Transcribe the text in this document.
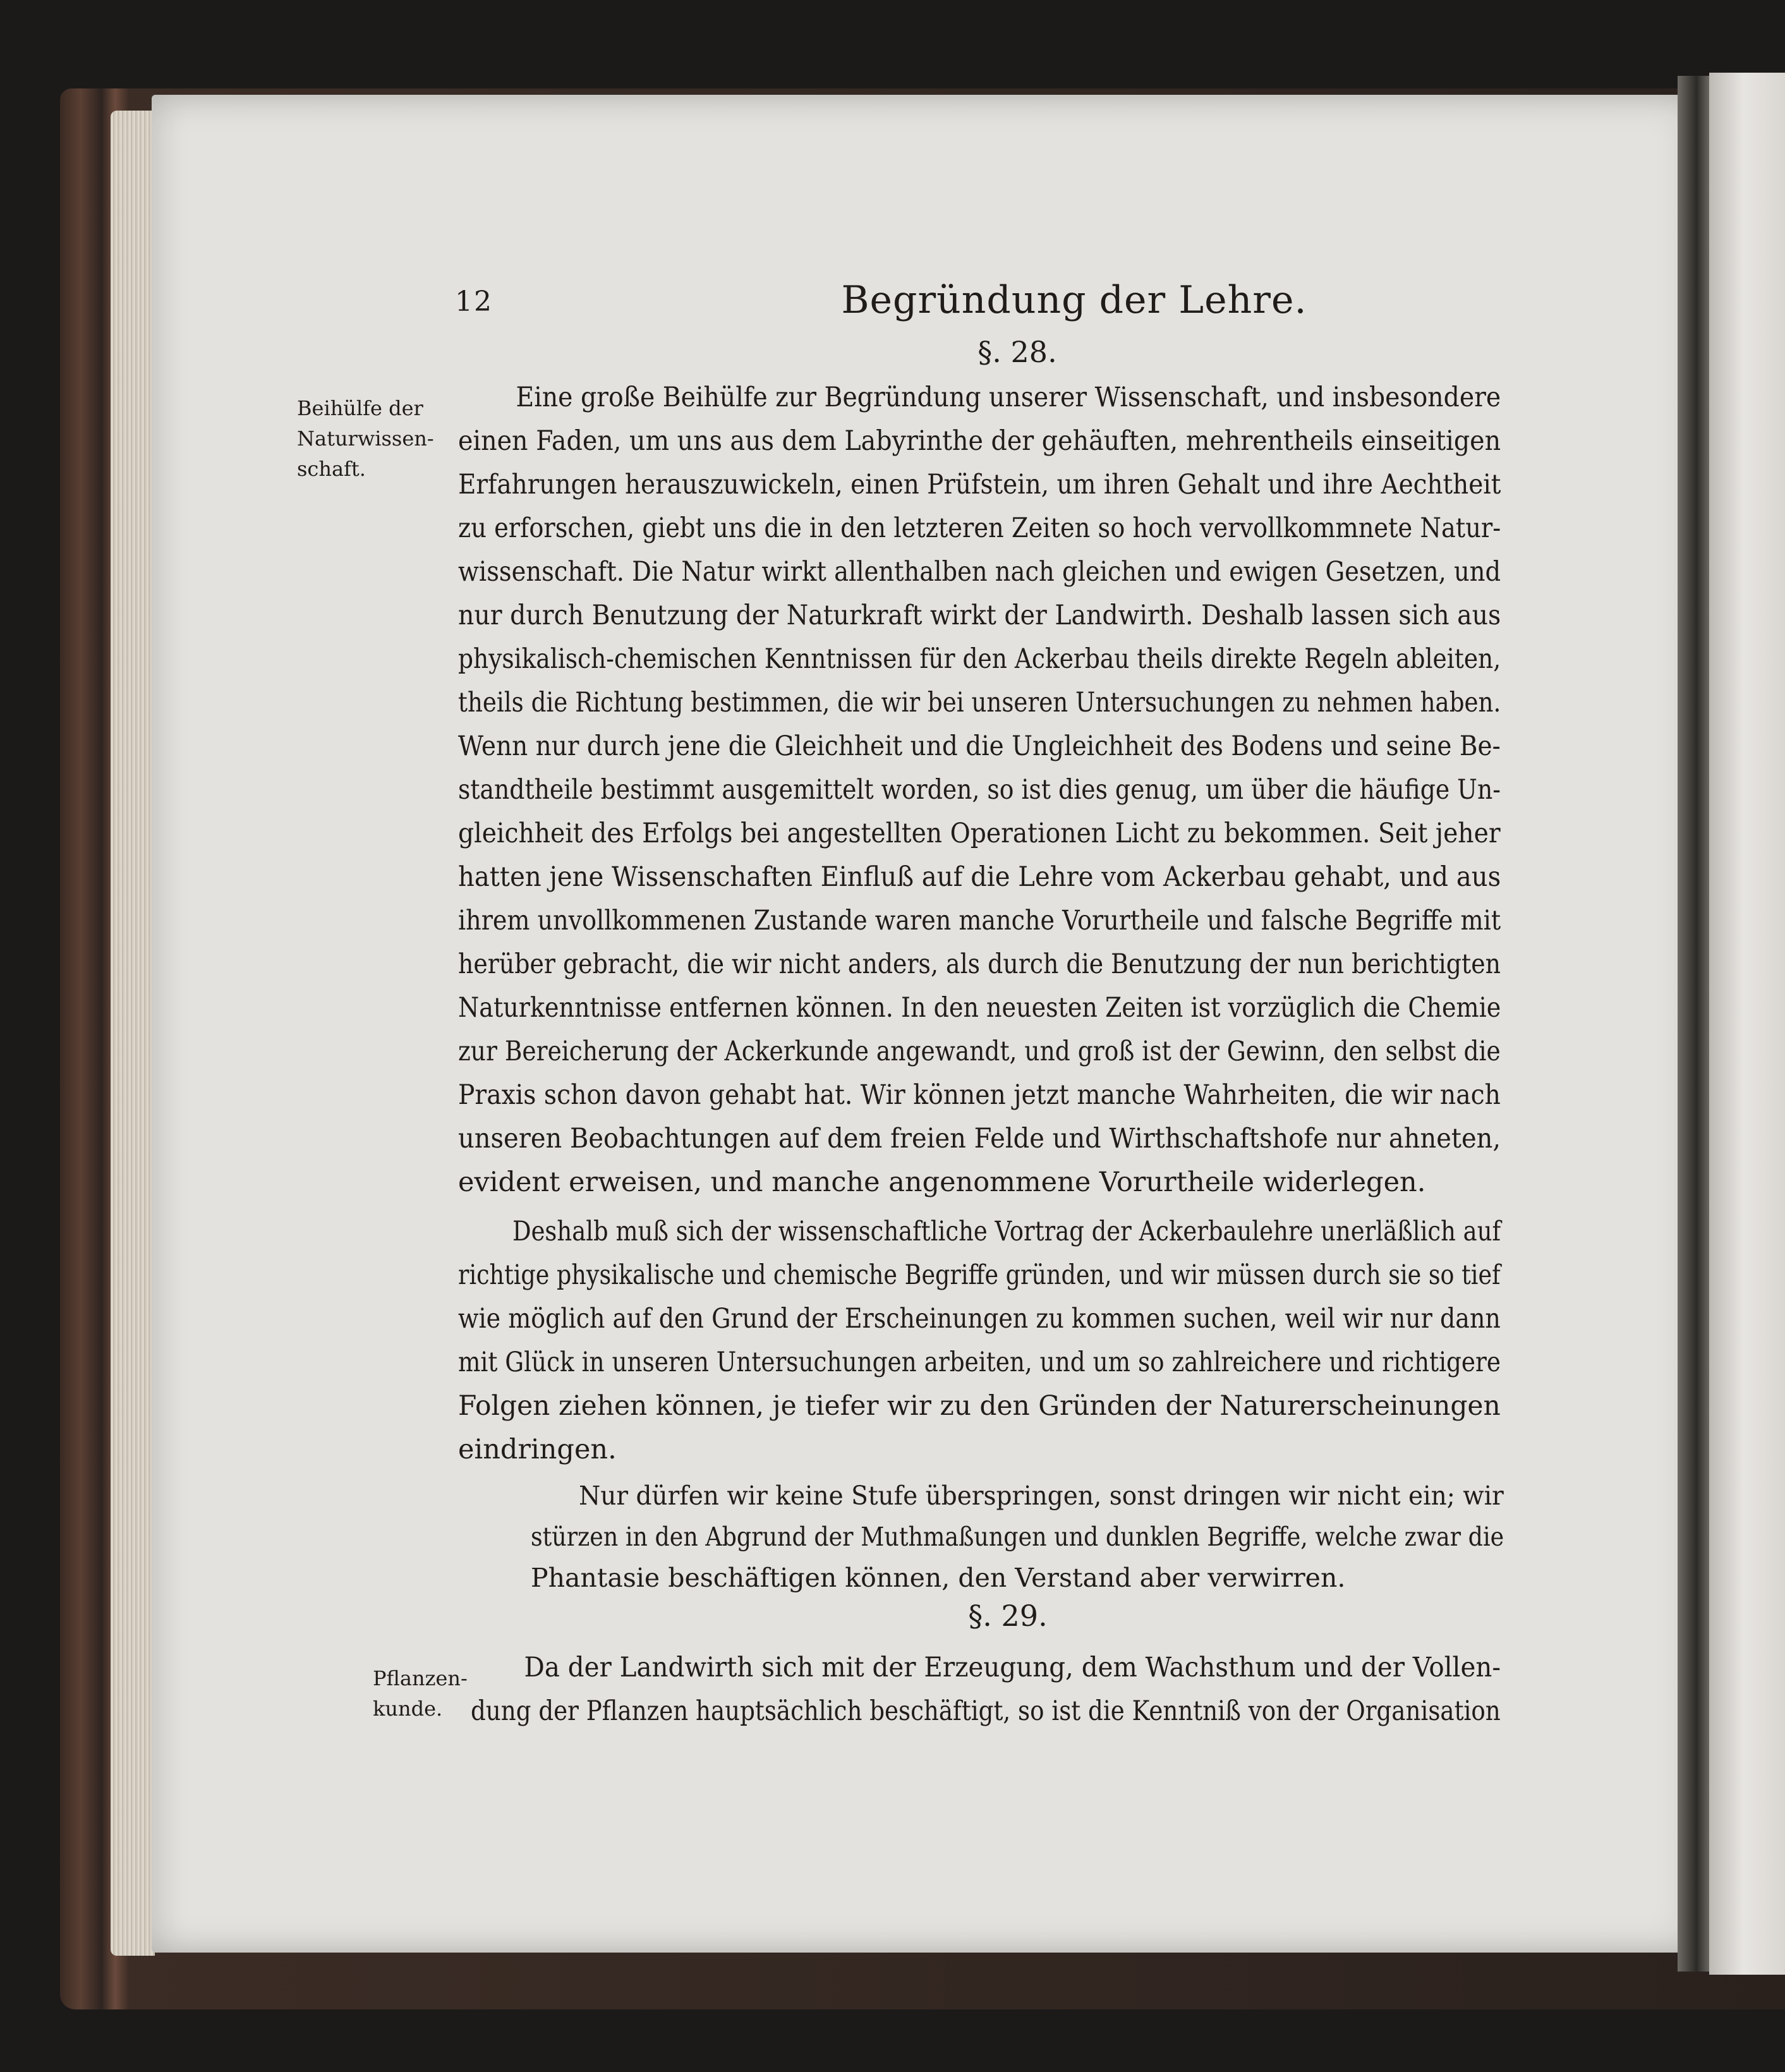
12	Begründung der Lehre.
§. 28.
Beihülfe der
Naturwissen-
schaft.
Eine große Beihülfe zur Begründung unserer Wissenschaft, und insbesondere
einen Faden, um uns aus dem Labyrinthe der gehäuften, mehrentheils einseitigen
Erfahrungen herauszuwickeln, einen Prüfstein, um ihren Gehalt und ihre Aechtheit
zu erforschen, giebt uns die in den letzteren Zeiten so hoch vervollkommnete Natur-
wissenschaft. Die Natur wirkt allenthalben nach gleichen und ewigen Gesetzen, und
nur durch Benutzung der Naturkraft wirkt der Landwirth. Deshalb lassen sich aus
physikalisch-chemischen Kenntnissen für den Ackerbau theils direkte Regeln ableiten,
theils die Richtung bestimmen, die wir bei unseren Untersuchungen zu nehmen haben.
Wenn nur durch jene die Gleichheit und die Ungleichheit des Bodens und seine Be-
standtheile bestimmt ausgemittelt worden, so ist dies genug, um über die häufige Un-
gleichheit des Erfolgs bei angestellten Operationen Licht zu bekommen. Seit jeher
hatten jene Wissenschaften Einfluß auf die Lehre vom Ackerbau gehabt, und aus
ihrem unvollkommenen Zustande waren manche Vorurtheile und falsche Begriffe mit
herüber gebracht, die wir nicht anders, als durch die Benutzung der nun berichtigten
Naturkenntnisse entfernen können. In den neuesten Zeiten ist vorzüglich die Chemie
zur Bereicherung der Ackerkunde angewandt, und groß ist der Gewinn, den selbst die
Praxis schon davon gehabt hat. Wir können jetzt manche Wahrheiten, die wir nach
unseren Beobachtungen auf dem freien Felde und Wirthschaftshofe nur ahneten,
evident erweisen, und manche angenommene Vorurtheile widerlegen.
Deshalb muß sich der wissenschaftliche Vortrag der Ackerbaulehre unerläßlich auf
richtige physikalische und chemische Begriffe gründen, und wir müssen durch sie so tief
wie möglich auf den Grund der Erscheinungen zu kommen suchen, weil wir nur dann
mit Glück in unseren Untersuchungen arbeiten, und um so zahlreichere und richtigere
Folgen ziehen können, je tiefer wir zu den Gründen der Naturerscheinungen
eindringen.
Nur dürfen wir keine Stufe überspringen, sonst dringen wir nicht ein; wir
stürzen in den Abgrund der Muthmaßungen und dunklen Begriffe, welche zwar die
Phantasie beschäftigen können, den Verstand aber verwirren.
§. 29.
Pflanzen-
kunde.
Da der Landwirth sich mit der Erzeugung, dem Wachsthum und der Vollen-
dung der Pflanzen hauptsächlich beschäftigt, so ist die Kenntniß von der Organisation
